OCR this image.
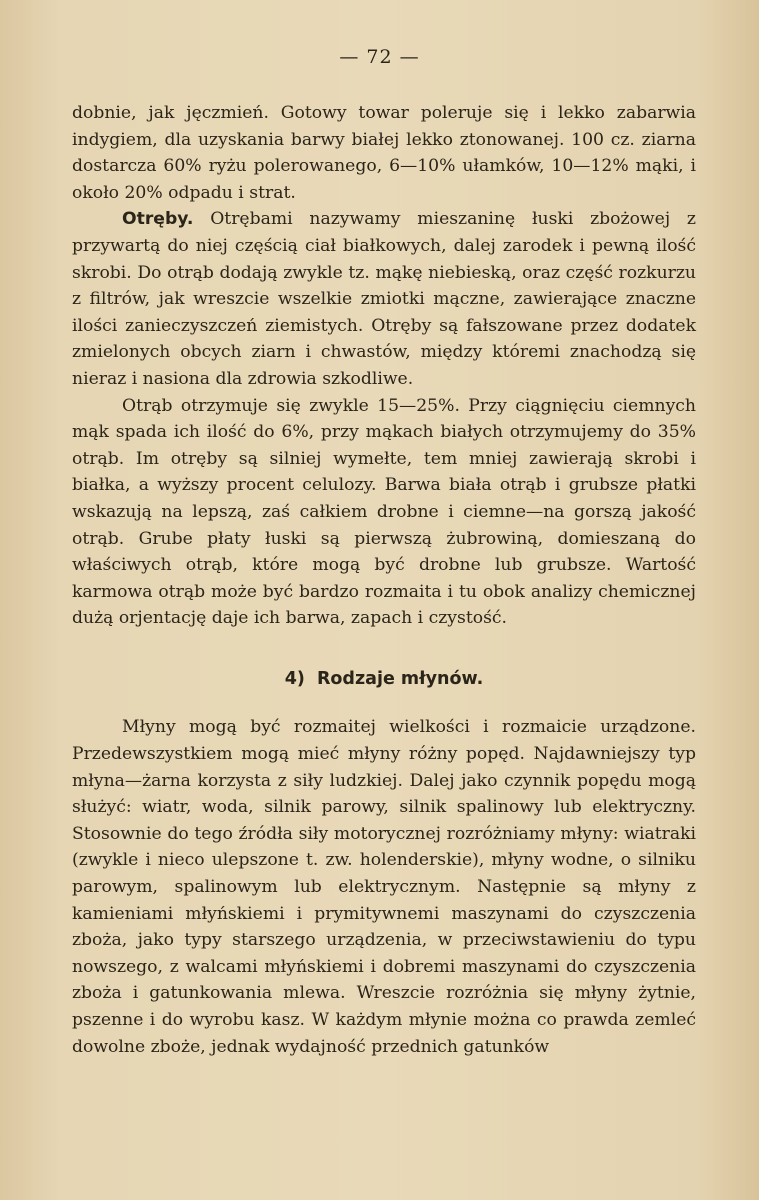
— 72 —

dobnie, jak jęczmień. Gotowy towar poleruje się i lekko zabarwia indygiem, dla uzyskania barwy białej lekko ztonowanej. 100 cz. ziarna dostarcza 60% ryżu polerowanego, 6—10% ułamków, 10—12% mąki, i około 20% odpadu i strat.

Otręby. Otrębami nazywamy mieszaninę łuski zbożowej z przywartą do niej częścią ciał białkowych, dalej zarodek i pewną ilość skrobi. Do otrąb dodają zwykle tz. mąkę niebieską, oraz część rozkurzu z filtrów, jak wreszcie wszelkie zmiotki mączne, zawierające znaczne ilości zanieczyszczeń ziemistych. Otręby są fałszowane przez dodatek zmielonych obcych ziarn i chwastów, między któremi znachodzą się nieraz i nasiona dla zdrowia szkodliwe.

Otrąb otrzymuje się zwykle 15—25%. Przy ciągnięciu ciemnych mąk spada ich ilość do 6%, przy mąkach białych otrzymujemy do 35% otrąb. Im otręby są silniej wymełte, tem mniej zawierają skrobi i białka, a wyższy procent celulozy. Barwa biała otrąb i grubsze płatki wskazują na lepszą, zaś całkiem drobne i ciemne—na gorszą jakość otrąb. Grube płaty łuski są pierwszą żubrowiną, domieszaną do właściwych otrąb, które mogą być drobne lub grubsze. Wartość karmowa otrąb może być bardzo rozmaita i tu obok analizy chemicznej dużą orjentację daje ich barwa, zapach i czystość.

4) Rodzaje młynów.

Młyny mogą być rozmaitej wielkości i rozmaicie urządzone. Przedewszystkiem mogą mieć młyny różny popęd. Najdawniejszy typ młyna—żarna korzysta z siły ludzkiej. Dalej jako czynnik popędu mogą służyć: wiatr, woda, silnik parowy, silnik spalinowy lub elektryczny. Stosownie do tego źródła siły motorycznej rozróżniamy młyny: wiatraki (zwykle i nieco ulepszone t. zw. holenderskie), młyny wodne, o silniku parowym, spalinowym lub elektrycznym. Następnie są młyny z kamieniami młyńskiemi i prymitywnemi maszynami do czyszczenia zboża, jako typy starszego urządzenia, w przeciwstawieniu do typu nowszego, z walcami młyńskiemi i dobremi maszynami do czyszczenia zboża i gatunkowania mlewa. Wreszcie rozróżnia się młyny żytnie, pszenne i do wyrobu kasz. W każdym młynie można co prawda zemleć dowolne zboże, jednak wydajność przednich gatunków
